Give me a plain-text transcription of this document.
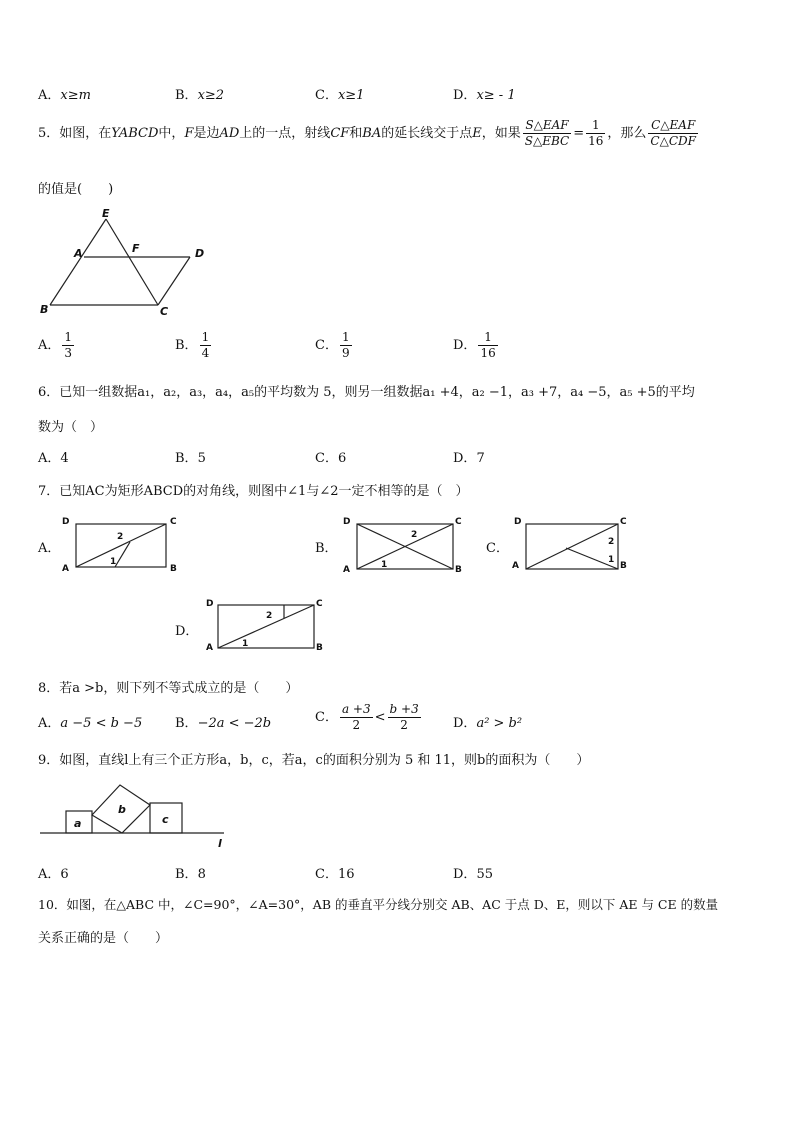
A．x≥m	B．x≥2	C．x≥1	D．x≥ - 1
5．如图，在YABCD中，F是边AD上的一点，射线CF和BA的延长线交于点E，如果 $\frac{\text{S△EAF}}{\text{S△EBC}} = \frac{1}{16}$ ，那么 $\frac{\text{C△EAF}}{\text{C△CDF}}$
的值是(　　)
E
A	F	D
B	C
A． $\frac{1}{3}$	B． $\frac{1}{4}$	C． $\frac{1}{9}$	D． $\frac{1}{16}$
6．已知一组数据a₁，a₂，a₃，a₄，a₅的平均数为 5，则另一组数据a₁ +4，a₂ −1，a₃ +7，a₄ −5，a₅ +5的平均
数为（　）
A．4	B．5	C．6	D．7
7．已知AC为矩形ABCD的对角线，则图中∠1与∠2一定不相等的是（　）
A．
D	C
A	B
2
1
B．
D	C
A	B
2
1
C．
D	C
A	B
2
1
D．
D	C
A	B
2
1
8．若a >b，则下列不等式成立的是（　　）
A．a −5 < b −5	B．−2a < −2b	C． $\frac{a +3}{2} < \frac{b +3}{2}$ D．a² > b²
9．如图，直线l上有三个正方形a，b，c，若a，c的面积分别为 5 和 11，则b的面积为（　　）
a
b
c
l
A．6	B．8	C．16	D．55
10．如图，在△ABC 中，∠C=90°，∠A=30°，AB 的垂直平分线分别交 AB、AC 于点 D、E，则以下 AE 与 CE 的数量
关系正确的是（　　）
